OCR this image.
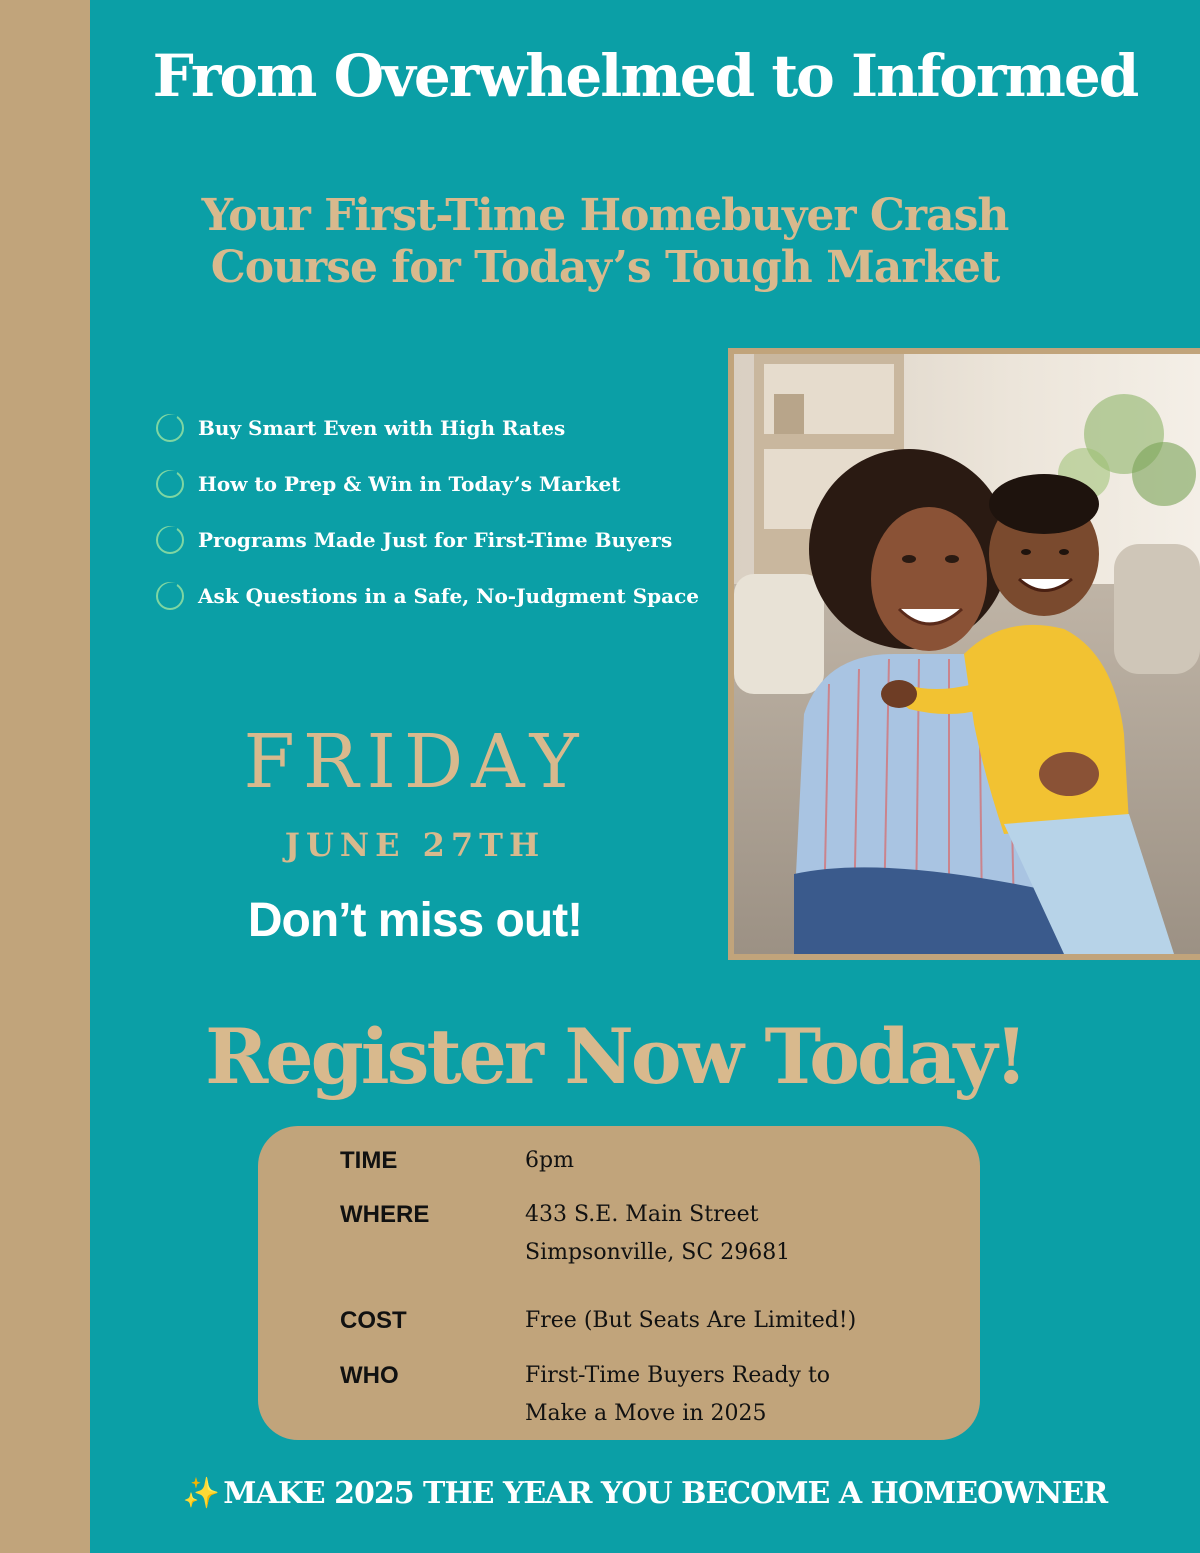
From Overwhelmed to Informed
Your First-Time Homebuyer Crash
Course for Today’s Tough Market
Buy Smart Even with High Rates
How to Prep & Win in Today’s Market
Programs Made Just for First-Time Buyers
Ask Questions in a Safe, No-Judgment Space
FRIDAY
JUNE 27TH
Don’t miss out!
Register Now Today!
TIME	6pm
WHERE	433 S.E. Main Street
Simpsonville, SC 29681
COST	Free (But Seats Are Limited!)
WHO	First-Time Buyers Ready to
Make a Move in 2025
✨ MAKE 2025 THE YEAR YOU BECOME A HOMEOWNER
